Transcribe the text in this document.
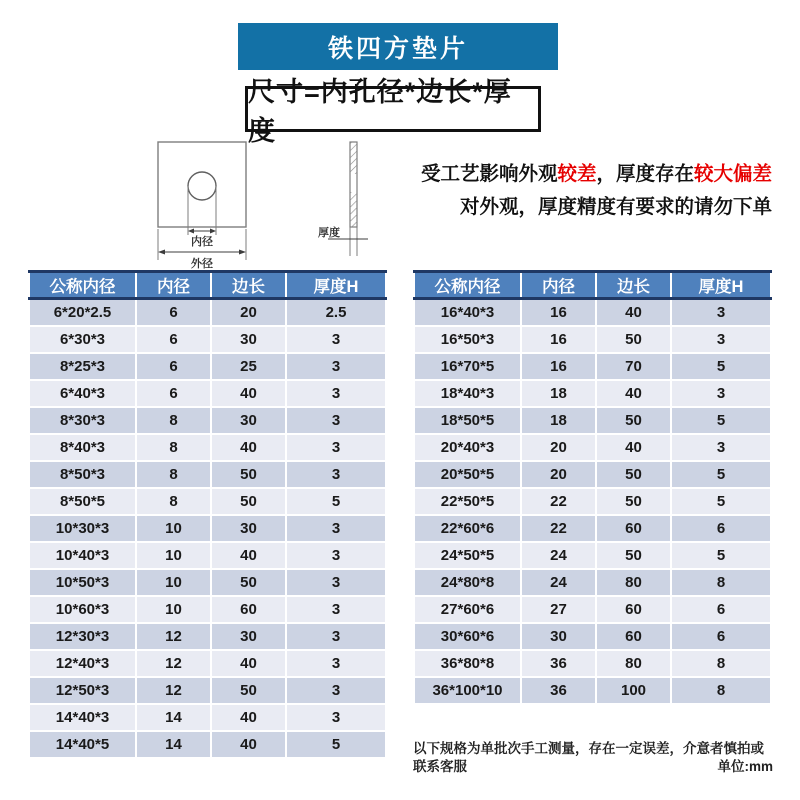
铁四方垫片
尺寸=内孔径*边长*厚度
内径
外径
厚度
受工艺影响外观较差，厚度存在较大偏差
对外观，厚度精度有要求的请勿下单
公称内径	内径	边长	厚度H
6*20*2.5	6	20	2.5
6*30*3	6	30	3
8*25*3	6	25	3
6*40*3	6	40	3
8*30*3	8	30	3
8*40*3	8	40	3
8*50*3	8	50	3
8*50*5	8	50	5
10*30*3	10	30	3
10*40*3	10	40	3
10*50*3	10	50	3
10*60*3	10	60	3
12*30*3	12	30	3
12*40*3	12	40	3
12*50*3	12	50	3
14*40*3	14	40	3
14*40*5	14	40	5
公称内径	内径	边长	厚度H
16*40*3	16	40	3
16*50*3	16	50	3
16*70*5	16	70	5
18*40*3	18	40	3
18*50*5	18	50	5
20*40*3	20	40	3
20*50*5	20	50	5
22*50*5	22	50	5
22*60*6	22	60	6
24*50*5	24	50	5
24*80*8	24	80	8
27*60*6	27	60	6
30*60*6	30	60	6
36*80*8	36	80	8
36*100*10	36	100	8
以下规格为单批次手工测量，存在一定误差，介意者慎拍或
联系客服	单位:mm
